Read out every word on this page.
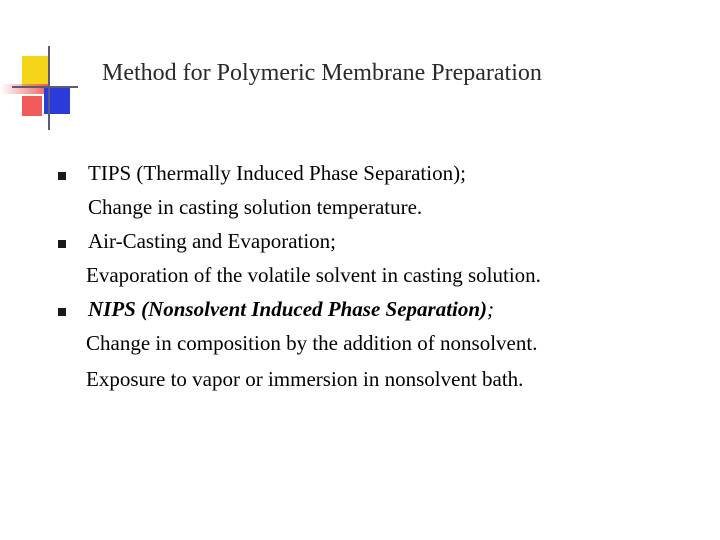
Method for Polymeric Membrane Preparation
TIPS (Thermally Induced Phase Separation);
Change in casting solution temperature.
Air-Casting and Evaporation;
Evaporation of the volatile solvent in casting solution.
NIPS (Nonsolvent Induced Phase Separation);
Change in composition by the addition of nonsolvent.
Exposure to vapor or immersion in nonsolvent bath.
